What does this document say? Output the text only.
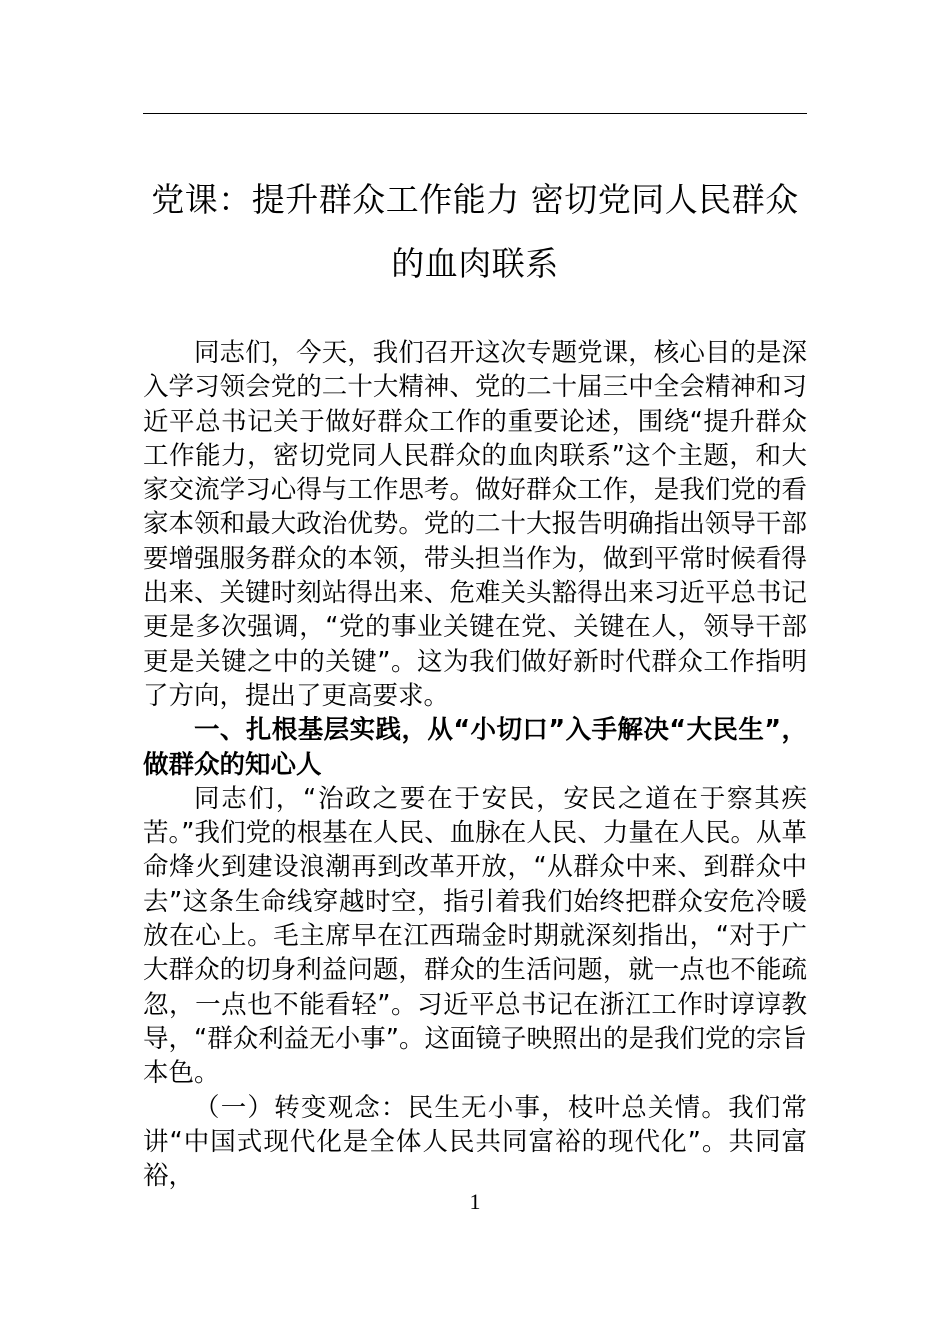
党课：提升群众工作能力 密切党同人民群众的血肉联系

同志们，今天，我们召开这次专题党课，核心目的是深入学习领会党的二十大精神、党的二十届三中全会精神和习近平总书记关于做好群众工作的重要论述，围绕“提升群众工作能力，密切党同人民群众的血肉联系”这个主题，和大家交流学习心得与工作思考。做好群众工作，是我们党的看家本领和最大政治优势。党的二十大报告明确指出领导干部要增强服务群众的本领，带头担当作为，做到平常时候看得出来、关键时刻站得出来、危难关头豁得出来习近平总书记更是多次强调，“党的事业关键在党、关键在人，领导干部更是关键之中的关键”。这为我们做好新时代群众工作指明了方向，提出了更高要求。

一、扎根基层实践，从“小切口”入手解决“大民生”，做群众的知心人

同志们，“治政之要在于安民，安民之道在于察其疾苦。”我们党的根基在人民、血脉在人民、力量在人民。从革命烽火到建设浪潮再到改革开放，“从群众中来、到群众中去”这条生命线穿越时空，指引着我们始终把群众安危冷暖放在心上。毛主席早在江西瑞金时期就深刻指出，“对于广大群众的切身利益问题，群众的生活问题，就一点也不能疏忽，一点也不能看轻”。习近平总书记在浙江工作时谆谆教导，“群众利益无小事”。这面镜子映照出的是我们党的宗旨本色。

（一）转变观念：民生无小事，枝叶总关情。我们常讲“中国式现代化是全体人民共同富裕的现代化”。共同富裕，

1
